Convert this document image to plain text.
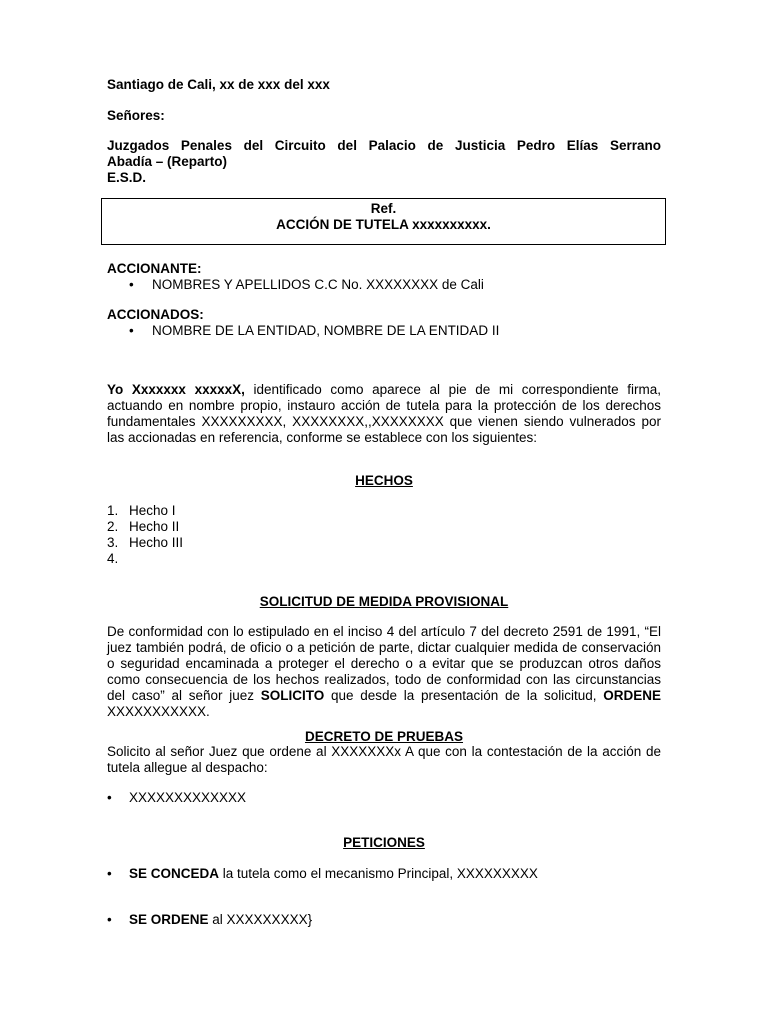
Santiago de Cali, xx de xxx del xxx
Señores:
Juzgados Penales del Circuito del Palacio de Justicia Pedro Elías Serrano
Abadía – (Reparto)
E.S.D.
Ref.
ACCIÓN DE TUTELA xxxxxxxxxx.
ACCIONANTE:
• NOMBRES Y APELLIDOS C.C No. XXXXXXXX de Cali
ACCIONADOS:
• NOMBRE DE LA ENTIDAD, NOMBRE DE LA ENTIDAD II
Yo Xxxxxxx xxxxxX, identificado como aparece al pie de mi correspondiente firma, actuando en nombre propio, instauro acción de tutela para la protección de los derechos fundamentales XXXXXXXXX, XXXXXXXX,,XXXXXXXX que vienen siendo vulnerados por las accionadas en referencia, conforme se establece con los siguientes:
HECHOS
1. Hecho I
2. Hecho II
3. Hecho III
4.
SOLICITUD DE MEDIDA PROVISIONAL
De conformidad con lo estipulado en el inciso 4 del artículo 7 del decreto 2591 de 1991, “El juez también podrá, de oficio o a petición de parte, dictar cualquier medida de conservación o seguridad encaminada a proteger el derecho o a evitar que se produzcan otros daños como consecuencia de los hechos realizados, todo de conformidad con las circunstancias del caso” al señor juez SOLICITO que desde la presentación de la solicitud, ORDENE XXXXXXXXXXX.
DECRETO DE PRUEBAS
Solicito al señor Juez que ordene al XXXXXXXx A que con la contestación de la acción de tutela allegue al despacho:
• XXXXXXXXXXXXX
PETICIONES
• SE CONCEDA la tutela como el mecanismo Principal, XXXXXXXXX
• SE ORDENE al XXXXXXXXX}
